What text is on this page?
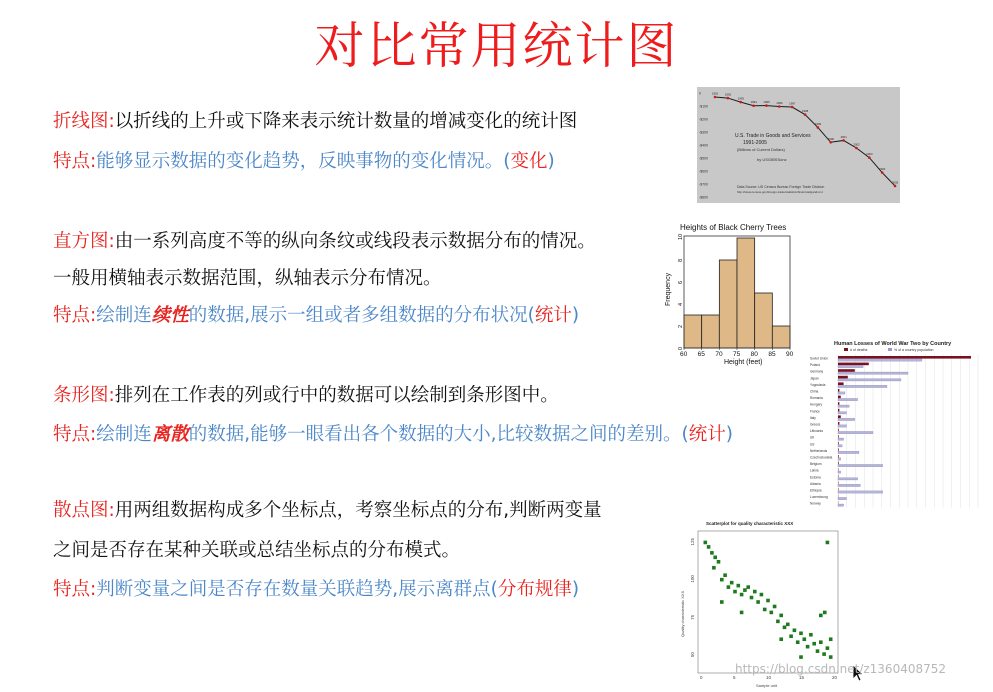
对比常用统计图
折线图:以折线的上升或下降来表示统计数量的增减变化的统计图
特点:能够显示数据的变化趋势，反映事物的变化情况。(变化)
0
-$100
-$200
-$300
-$400
-$500
-$600
-$700
-$800
1991 1992
1993
1994 1995 1996 1997
1998
1999
2000 2001
2002
2003
2004
2005
U.S. Trade in Goods and Services
1991-2005
(Billions of Current Dollars)
by USGIBSSonz
Data Source: US Census Bureau Foreign Trade Division
http://www.census.gov/foreign-trade/statistics/historical/gands.txt
直方图:由一系列高度不等的纵向条纹或线段表示数据分布的情况。
一般用横轴表示数据范围，纵轴表示分布情况。
特点:绘制连续性的数据,展示一组或者多组数据的分布状况(统计)
Heights of Black Cherry Trees
60 65 70 75 80 85 90
0
2
4
6
8
10
Height (feet)
Frequency
条形图:排列在工作表的列或行中的数据可以绘制到条形图中。
特点:绘制连离散的数据,能够一眼看出各个数据的大小,比较数据之间的差别。(统计)
Human Losses of World War Two by Country
# of deaths	% of a country population
Soviet Union
Poland
Germany
Japan
Yugoslavia
China
Romania
Hungary
France
Italy
Greece
Lithuania
UK
US
Netherlands
Czechoslovakia
Belgium
Latvia
Estonia
Albania
Ethiopia
Luxembourg
Norway
散点图:用两组数据构成多个坐标点，考察坐标点的分布,判断两变量
之间是否存在某种关联或总结坐标点的分布模式。
特点:判断变量之间是否存在数量关联趋势,展示离群点(分布规律)
Scatterplot for quality characteristic XXX
125
100
75
50
0	5	10	15	20
Sample unit
Quality characteristic XXX
https://blog.csdn.net/z1360408752
